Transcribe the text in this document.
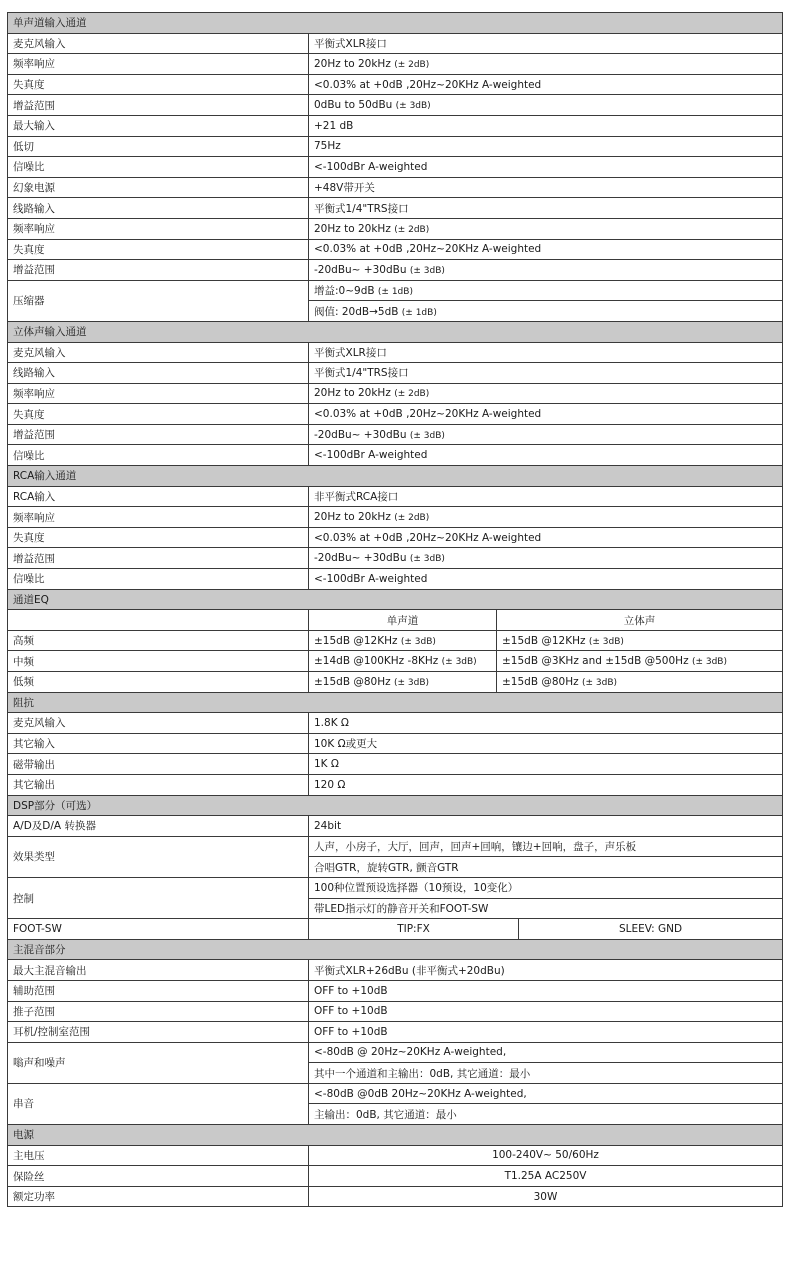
单声道输入通道			
麦克风输入	平衡式XLR接口		
频率响应	20Hz to 20kHz (± 2dB)		
失真度	<0.03% at +0dB ,20Hz~20KHz A-weighted		
增益范围	0dBu to 50dBu (± 3dB)		
最大输入	+21 dB		
低切	75Hz		
信噪比	<-100dBr A-weighted		
幻象电源	+48V带开关		
线路输入	平衡式1/4"TRS接口		
频率响应	20Hz to 20kHz (± 2dB)		
失真度	<0.03% at +0dB ,20Hz~20KHz A-weighted		
增益范围	-20dBu~ +30dBu (± 3dB)		
压缩器	增益:0~9dB (± 1dB)		
	阀值: 20dB→5dB (± 1dB)		
立体声输入通道			
麦克风输入	平衡式XLR接口		
线路输入	平衡式1/4"TRS接口		
频率响应	20Hz to 20kHz (± 2dB)		
失真度	<0.03% at +0dB ,20Hz~20KHz A-weighted		
增益范围	-20dBu~ +30dBu (± 3dB)		
信噪比	<-100dBr A-weighted		
RCA输入通道			
RCA输入	非平衡式RCA接口		
频率响应	20Hz to 20kHz (± 2dB)		
失真度	<0.03% at +0dB ,20Hz~20KHz A-weighted		
增益范围	-20dBu~ +30dBu (± 3dB)		
信噪比	<-100dBr A-weighted		
通道EQ			
	单声道	立体声	
高频	±15dB @12KHz (± 3dB)	±15dB @12KHz (± 3dB)	
中频	±14dB @100KHz -8KHz (± 3dB)	±15dB @3KHz and ±15dB @500Hz (± 3dB)	
低频	±15dB @80Hz (± 3dB)	±15dB @80Hz (± 3dB)	
阻抗			
麦克风输入	1.8K Ω		
其它输入	10K Ω或更大		
磁带输出	1K Ω		
其它输出	120 Ω		
DSP部分（可选）			
A/D及D/A 转换器	24bit		
效果类型	人声，小房子，大厅，回声，回声+回响，镶边+回响，盘子，声乐板		
	合唱GTR，旋转GTR, 颤音GTR		
控制	100种位置预设选择器（10预设，10变化）		
	带LED指示灯的静音开关和FOOT-SW		
FOOT-SW	TIP:FX		SLEEV: GND
主混音部分			
最大主混音输出	平衡式XLR+26dBu (非平衡式+20dBu)		
辅助范围	OFF to +10dB		
推子范围	OFF to +10dB		
耳机/控制室范围	OFF to +10dB		
嗡声和噪声	<-80dB @ 20Hz~20KHz A-weighted,		
	其中一个通道和主输出：0dB, 其它通道：最小		
串音	<-80dB @0dB 20Hz~20KHz A-weighted,		
	主输出：0dB, 其它通道：最小		
电源			
主电压	100-240V~ 50/60Hz		
保险丝	T1.25A AC250V		
额定功率	30W		
